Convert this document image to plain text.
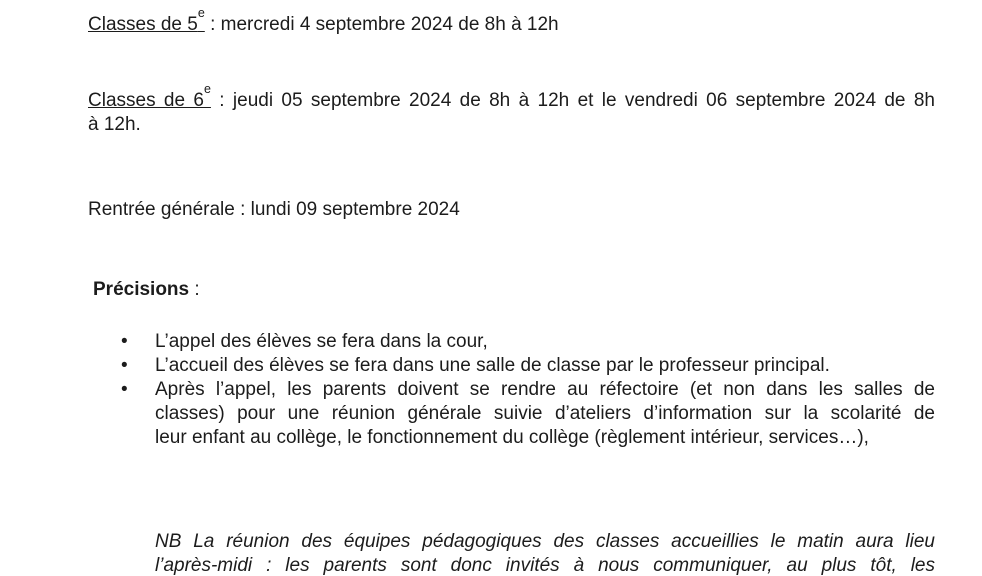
Classes de 5e : mercredi 4 septembre 2024 de 8h à 12h
Classes de 6e : jeudi 05 septembre 2024 de 8h à 12h et le vendredi 06 septembre 2024 de 8h
à 12h.
Rentrée générale : lundi 09 septembre 2024
Précisions :
• L’appel des élèves se fera dans la cour,
• L’accueil des élèves se fera dans une salle de classe par le professeur principal.
• Après l’appel, les parents doivent se rendre au réfectoire (et non dans les salles de
classes) pour une réunion générale suivie d’ateliers d’information sur la scolarité de
leur enfant au collège, le fonctionnement du collège (règlement intérieur, services…),
NB La réunion des équipes pédagogiques des classes accueillies le matin aura lieu
l’après-midi : les parents sont donc invités à nous communiquer, au plus tôt, les
